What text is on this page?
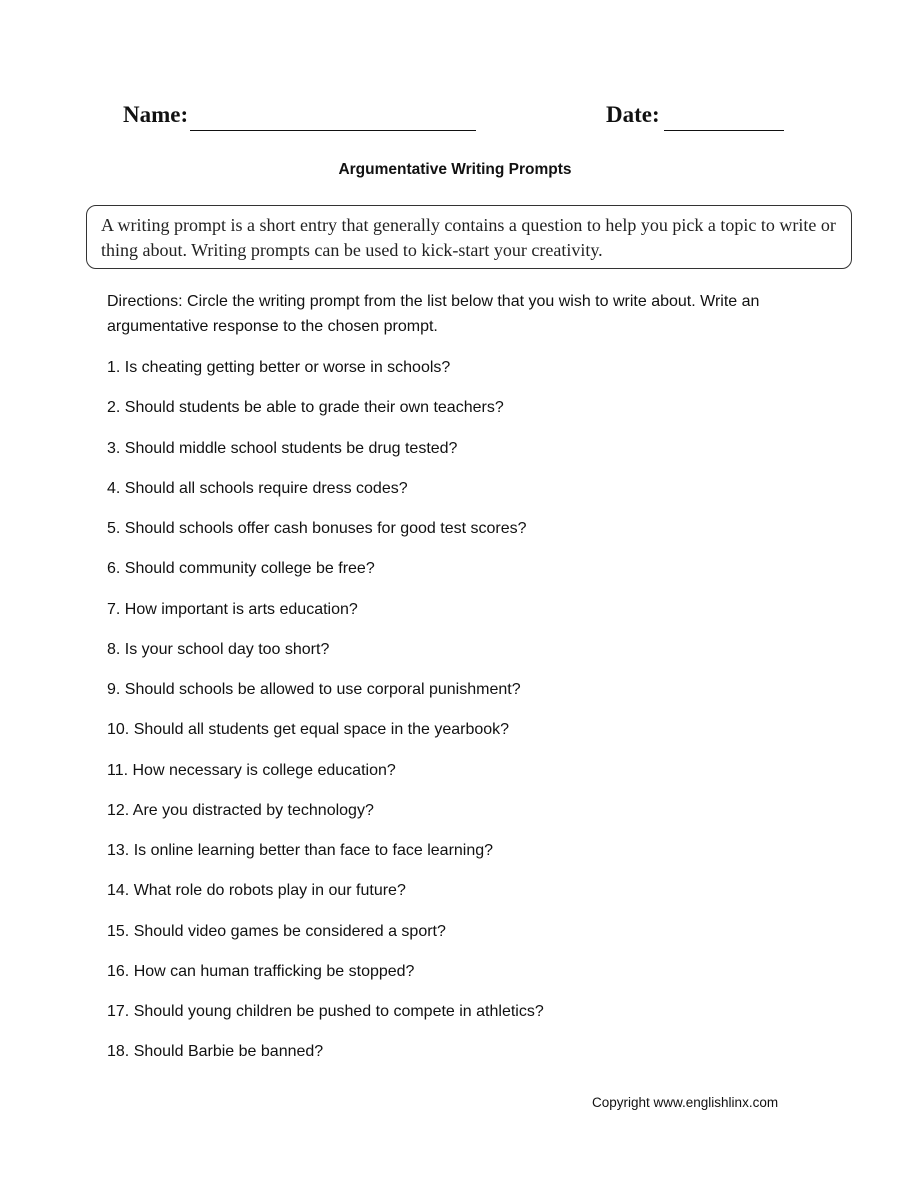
Name:	Date:
Argumentative Writing Prompts
A writing prompt is a short entry that generally contains a question to help you pick a topic to write or thing about. Writing prompts can be used to kick-start your creativity.
Directions: Circle the writing prompt from the list below that you wish to write about. Write an argumentative response to the chosen prompt.
1. Is cheating getting better or worse in schools?
2. Should students be able to grade their own teachers?
3. Should middle school students be drug tested?
4. Should all schools require dress codes?
5. Should schools offer cash bonuses for good test scores?
6. Should community college be free?
7. How important is arts education?
8. Is your school day too short?
9. Should schools be allowed to use corporal punishment?
10. Should all students get equal space in the yearbook?
11. How necessary is college education?
12. Are you distracted by technology?
13. Is online learning better than face to face learning?
14. What role do robots play in our future?
15. Should video games be considered a sport?
16. How can human trafficking be stopped?
17. Should young children be pushed to compete in athletics?
18. Should Barbie be banned?
Copyright www.englishlinx.com
